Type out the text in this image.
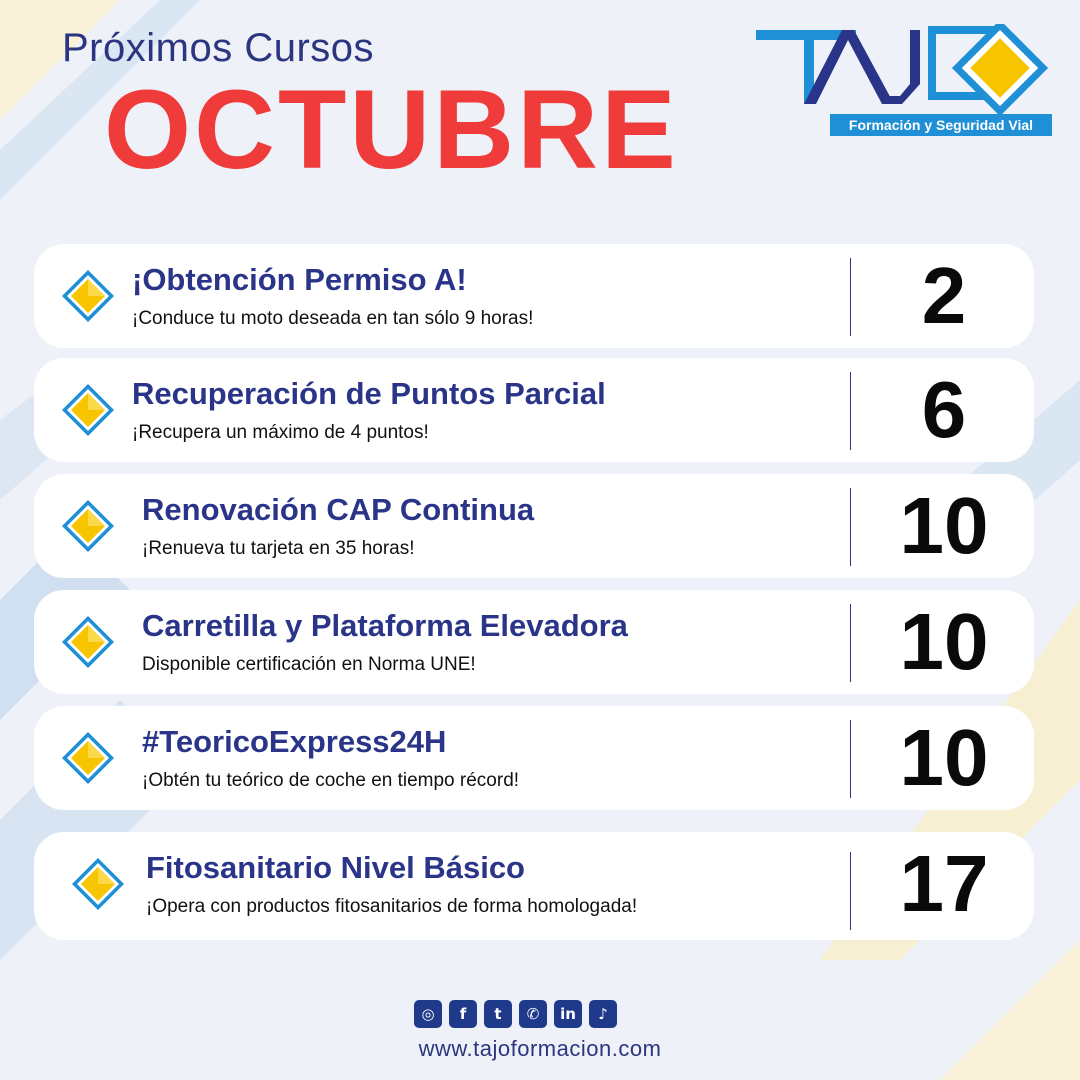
Próximos Cursos
OCTUBRE	Formación y Seguridad Vial
¡Obtención Permiso A!
¡Conduce tu moto deseada en tan sólo 9 horas!	2
Recuperación de Puntos Parcial
¡Recupera un máximo de 4 puntos!	6
Renovación CAP Continua
¡Renueva tu tarjeta en 35 horas!	10
Carretilla y Plataforma Elevadora
Disponible certificación en Norma UNE!	10
#TeoricoExpress24H
¡Obtén tu teórico de coche en tiempo récord!	10
Fitosanitario Nivel Básico
¡Opera con productos fitosanitarios de forma homologada!	17
◎	f	t	✆	in	♪
www.tajoformacion.com
